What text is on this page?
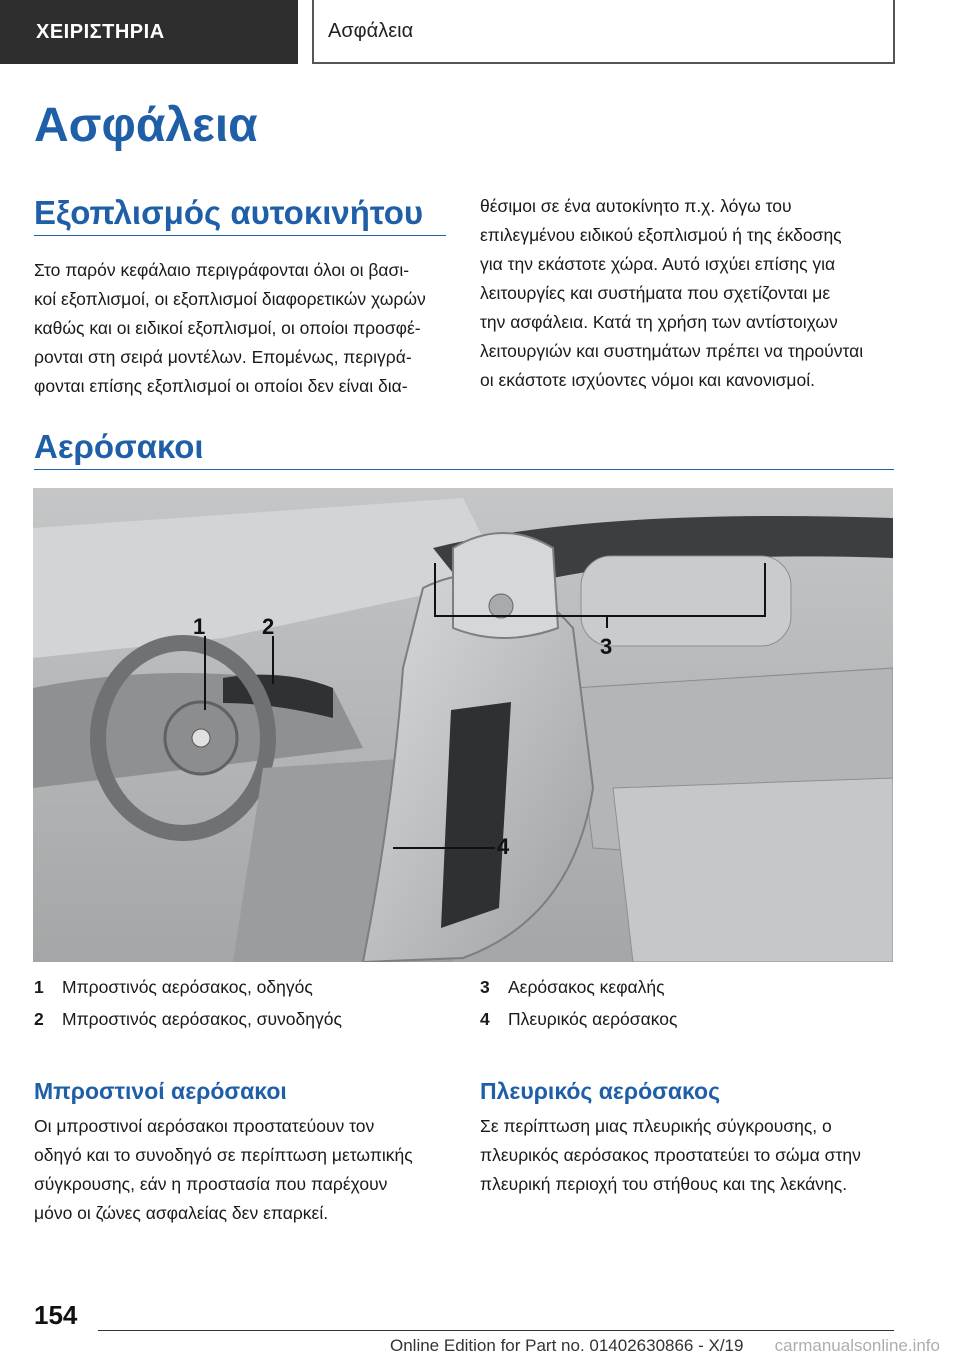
ΧΕΙΡΙΣΤΗΡΙΑ	Ασφάλεια
Ασφάλεια
Εξοπλισμός αυτοκινήτου
Στο παρόν κεφάλαιο περιγράφονται όλοι οι βασι‐
κοί εξοπλισμοί, οι εξοπλισμοί διαφορετικών χωρών
καθώς και οι ειδικοί εξοπλισμοί, οι οποίοι προσφέ‐
ρονται στη σειρά μοντέλων. Επομένως, περιγρά‐
φονται επίσης εξοπλισμοί οι οποίοι δεν είναι δια‐
θέσιμοι σε ένα αυτοκίνητο π.χ. λόγω του
επιλεγμένου ειδικού εξοπλισμού ή της έκδοσης
για την εκάστοτε χώρα. Αυτό ισχύει επίσης για
λειτουργίες και συστήματα που σχετίζονται με
την ασφάλεια. Κατά τη χρήση των αντίστοιχων
λειτουργιών και συστημάτων πρέπει να τηρούνται
οι εκάστοτε ισχύοντες νόμοι και κανονισμοί.
Αερόσακοι
1	2
3
4
1	Μπροστινός αερόσακος, οδηγός
2	Μπροστινός αερόσακος, συνοδηγός
3	Αερόσακος κεφαλής
4	Πλευρικός αερόσακος
Μπροστινοί αερόσακοι
Οι μπροστινοί αερόσακοι προστατεύουν τον
οδηγό και το συνοδηγό σε περίπτωση μετωπικής
σύγκρουσης, εάν η προστασία που παρέχουν
μόνο οι ζώνες ασφαλείας δεν επαρκεί.
Πλευρικός αερόσακος
Σε περίπτωση μιας πλευρικής σύγκρουσης, ο
πλευρικός αερόσακος προστατεύει το σώμα στην
πλευρική περιοχή του στήθους και της λεκάνης.
154
Online Edition for Part no. 01402630866 - X/19 carmanualsonline.info
